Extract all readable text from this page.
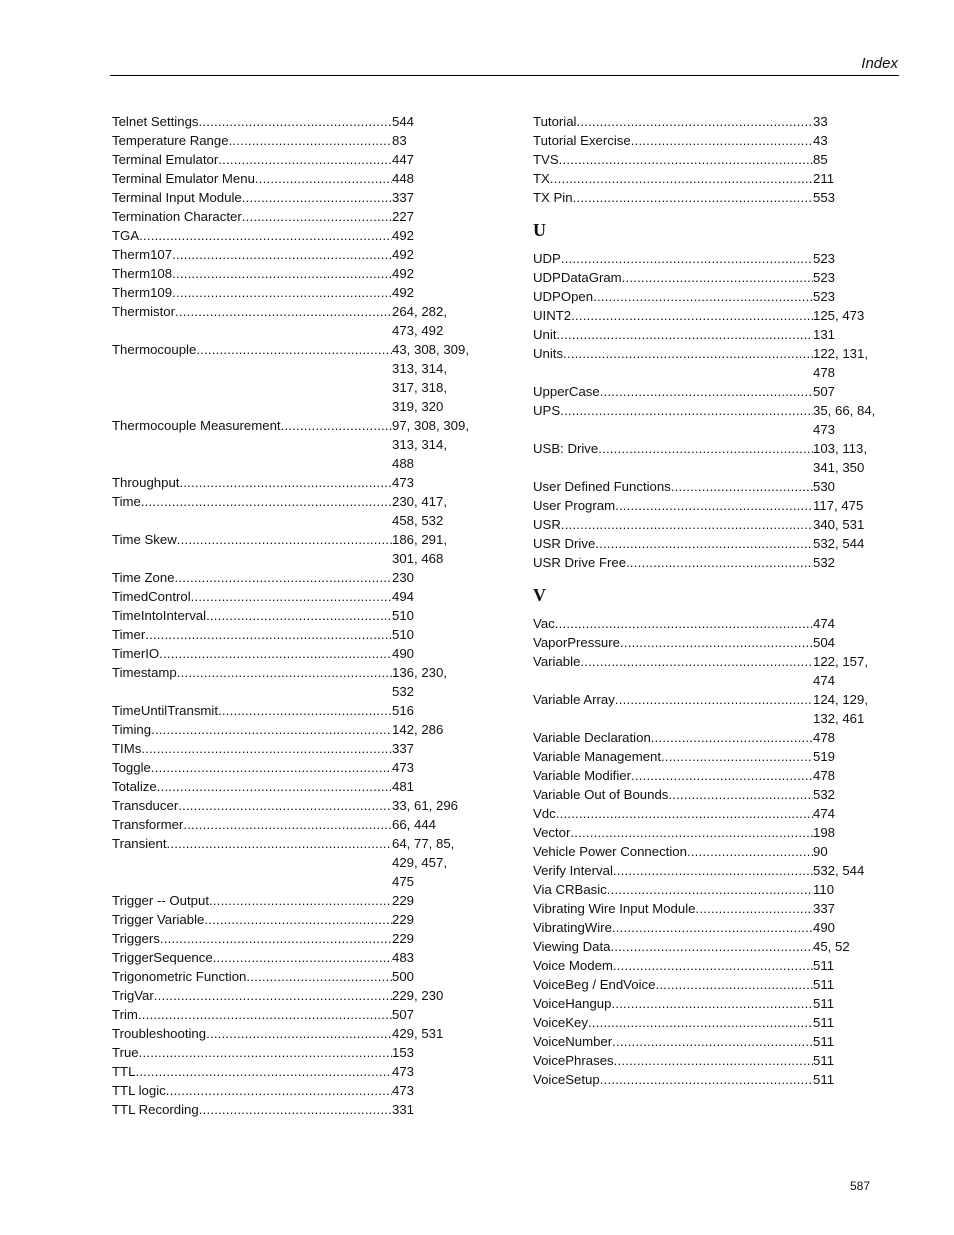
Index
Telnet Settings .....	544
Temperature Range .....	83
Terminal Emulator .....	447
Terminal Emulator Menu .....	448
Terminal Input Module .....	337
Termination Character .....	227
TGA .....	492
Therm107 .....	492
Therm108 .....	492
Therm109 .....	492
Thermistor .....	264, 282,
473, 492
Thermocouple .....	43, 308, 309,
313, 314,
317, 318,
319, 320
Thermocouple Measurement .....	97, 308, 309,
313, 314,
488
Throughput .....	473
Time .....	230, 417,
458, 532
Time Skew .....	186, 291,
301, 468
Time Zone .....	230
TimedControl .....	494
TimeIntoInterval .....	510
Timer .....	510
TimerIO .....	490
Timestamp .....	136, 230,
532
TimeUntilTransmit .....	516
Timing .....	142, 286
TIMs .....	337
Toggle .....	473
Totalize .....	481
Transducer .....	33, 61, 296
Transformer .....	66, 444
Transient .....	64, 77, 85,
429, 457,
475
Trigger -- Output .....	229
Trigger Variable .....	229
Triggers .....	229
TriggerSequence .....	483
Trigonometric Function .....	500
TrigVar .....	229, 230
Trim .....	507
Troubleshooting .....	429, 531
True .....	153
TTL .....	473
TTL logic .....	473
TTL Recording .....	331
Tutorial .....	33
Tutorial Exercise .....	43
TVS .....	85
TX .....	211
TX Pin .....	553
U
UDP .....	523
UDPDataGram .....	523
UDPOpen .....	523
UINT2 .....	125, 473
Unit .....	131
Units .....	122, 131,
478
UpperCase .....	507
UPS .....	35, 66, 84,
473
USB: Drive .....	103, 113,
341, 350
User Defined Functions .....	530
User Program .....	117, 475
USR .....	340, 531
USR Drive .....	532, 544
USR Drive Free .....	532
V
Vac .....	474
VaporPressure .....	504
Variable .....	122, 157,
474
Variable Array .....	124, 129,
132, 461
Variable Declaration .....	478
Variable Management .....	519
Variable Modifier .....	478
Variable Out of Bounds .....	532
Vdc .....	474
Vector .....	198
Vehicle Power Connection .....	90
Verify Interval .....	532, 544
Via CRBasic .....	110
Vibrating Wire Input Module .....	337
VibratingWire .....	490
Viewing Data .....	45, 52
Voice Modem .....	511
VoiceBeg / EndVoice .....	511
VoiceHangup .....	511
VoiceKey .....	511
VoiceNumber .....	511
VoicePhrases .....	511
VoiceSetup .....	511
587
